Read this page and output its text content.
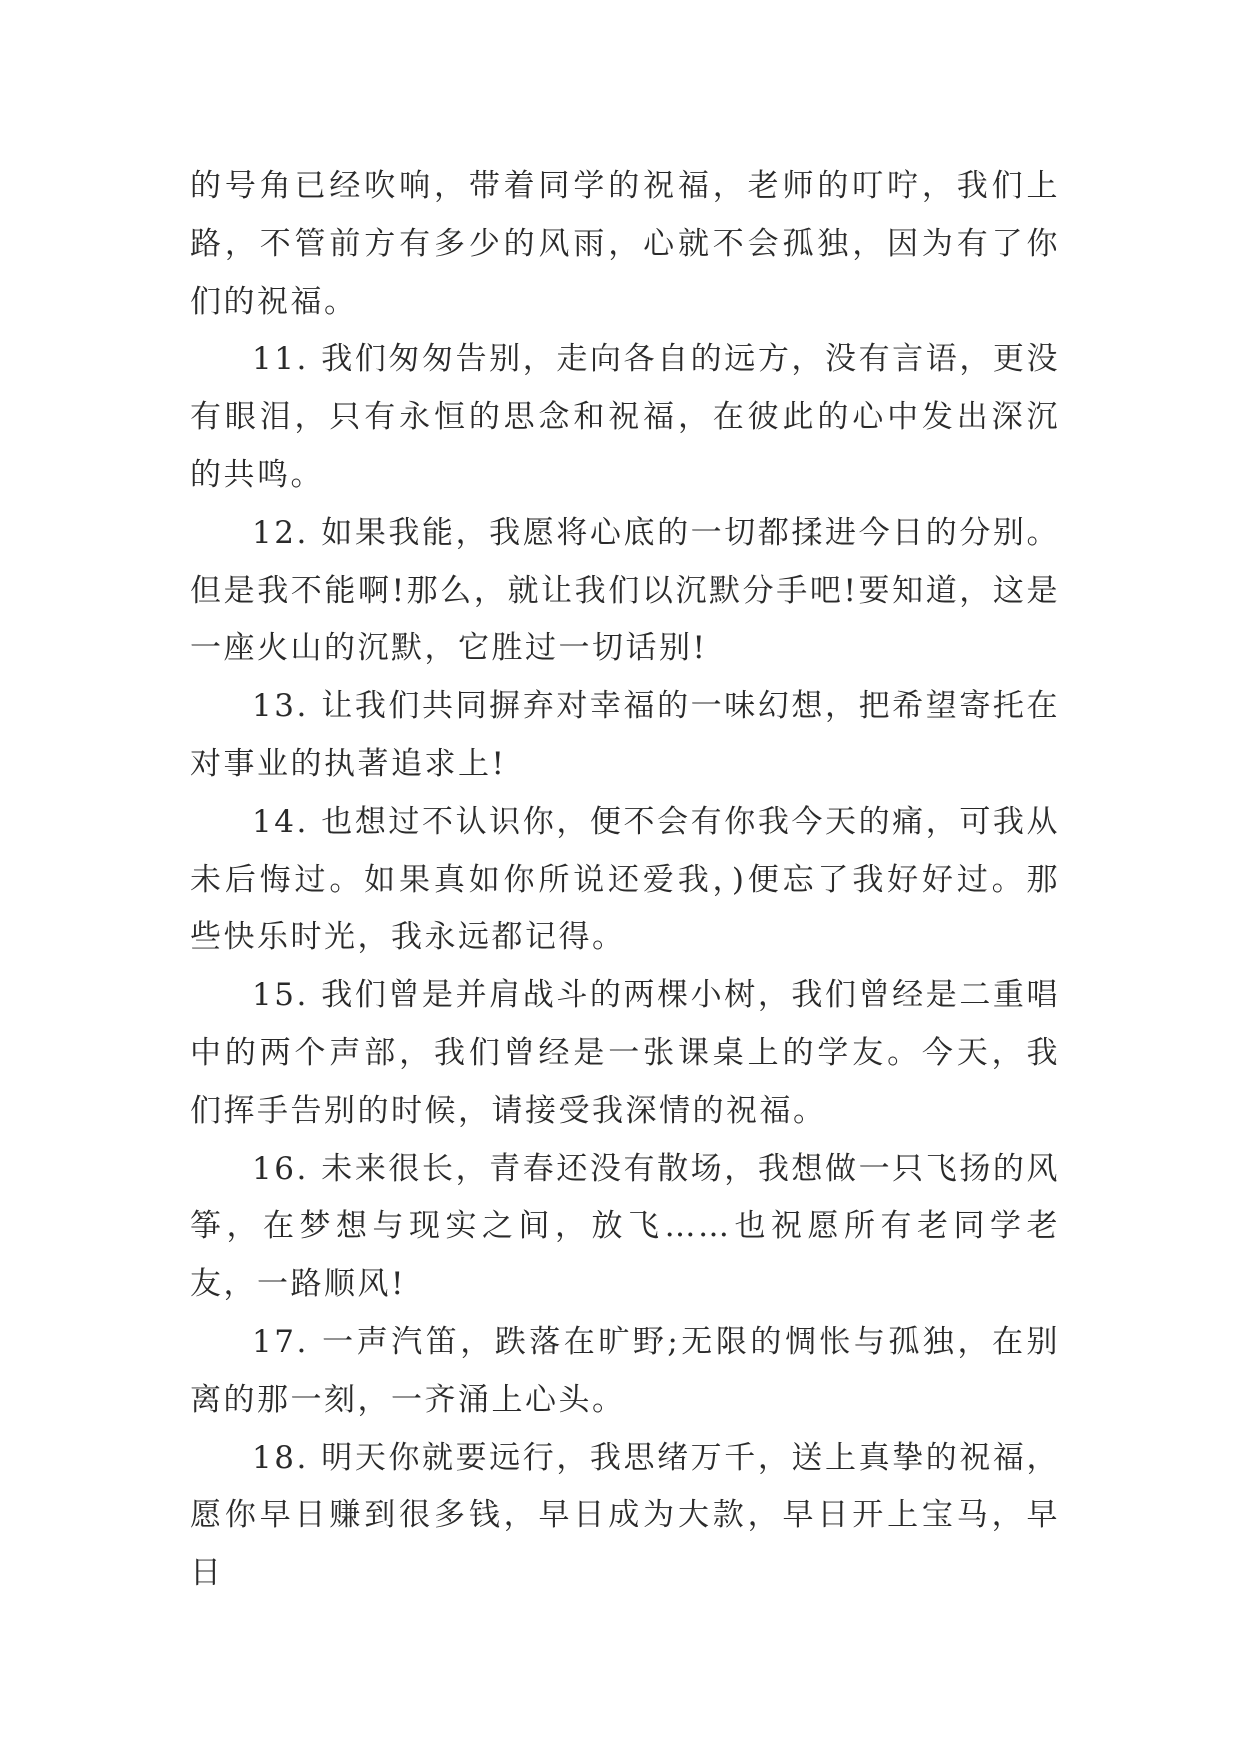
的号角已经吹响，带着同学的祝福，老师的叮咛，我们上路，不管前方有多少的风雨，心就不会孤独，因为有了你们的祝福。

11. 我们匆匆告别，走向各自的远方，没有言语，更没有眼泪，只有永恒的思念和祝福，在彼此的心中发出深沉的共鸣。

12. 如果我能，我愿将心底的一切都揉进今日的分别。但是我不能啊!那么，就让我们以沉默分手吧!要知道，这是一座火山的沉默，它胜过一切话别!

13. 让我们共同摒弃对幸福的一味幻想，把希望寄托在对事业的执著追求上!

14. 也想过不认识你，便不会有你我今天的痛，可我从未后悔过。如果真如你所说还爱我，)便忘了我好好过。那些快乐时光，我永远都记得。

15. 我们曾是并肩战斗的两棵小树，我们曾经是二重唱中的两个声部，我们曾经是一张课桌上的学友。今天，我们挥手告别的时候，请接受我深情的祝福。

16. 未来很长，青春还没有散场，我想做一只飞扬的风筝，在梦想与现实之间，放飞……也祝愿所有老同学老友，一路顺风!

17. 一声汽笛，跌落在旷野;无限的惆怅与孤独，在别离的那一刻，一齐涌上心头。

18. 明天你就要远行，我思绪万千，送上真挚的祝福，愿你早日赚到很多钱，早日成为大款，早日开上宝马，早日
